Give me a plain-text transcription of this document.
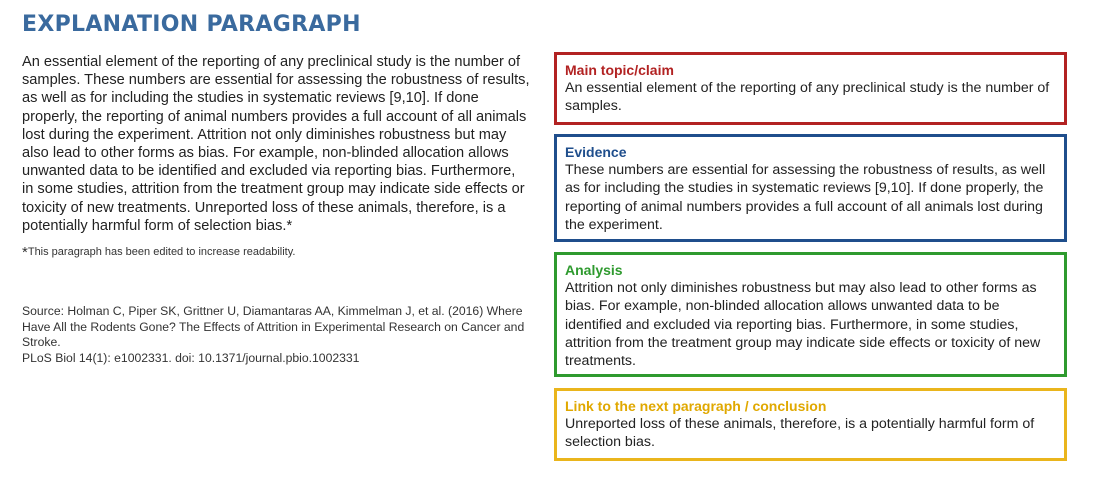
EXPLANATION PARAGRAPH

An essential element of the reporting of any preclinical study is the number of samples. These numbers are essential for assessing the robustness of results, as well as for including the studies in systematic reviews [9,10]. If done properly, the reporting of animal numbers provides a full account of all animals lost during the experiment. Attrition not only diminishes robustness but may also lead to other forms as bias. For example, non-blinded allocation allows unwanted data to be identified and excluded via reporting bias. Furthermore, in some studies, attrition from the treatment group may indicate side effects or toxicity of new treatments. Unreported loss of these animals, therefore, is a potentially harmful form of selection bias.*

*This paragraph has been edited to increase readability.

Source: Holman C, Piper SK, Grittner U, Diamantaras AA, Kimmelman J, et al. (2016) Where Have All the Rodents Gone? The Effects of Attrition in Experimental Research on Cancer and Stroke.

PLoS Biol 14(1): e1002331. doi: 10.1371/journal.pbio.1002331

Main topic/claim
An essential element of the reporting of any preclinical study is the number of samples.
Evidence
These numbers are essential for assessing the robustness of results, as well as for including the studies in systematic reviews [9,10]. If done properly, the reporting of animal numbers provides a full account of all animals lost during the experiment.
Analysis
Attrition not only diminishes robustness but may also lead to other forms as bias. For example, non-blinded allocation allows unwanted data to be identified and excluded via reporting bias. Furthermore, in some studies, attrition from the treatment group may indicate side effects or toxicity of new treatments.
Link to the next paragraph / conclusion
Unreported loss of these animals, therefore, is a potentially harmful form of selection bias.
